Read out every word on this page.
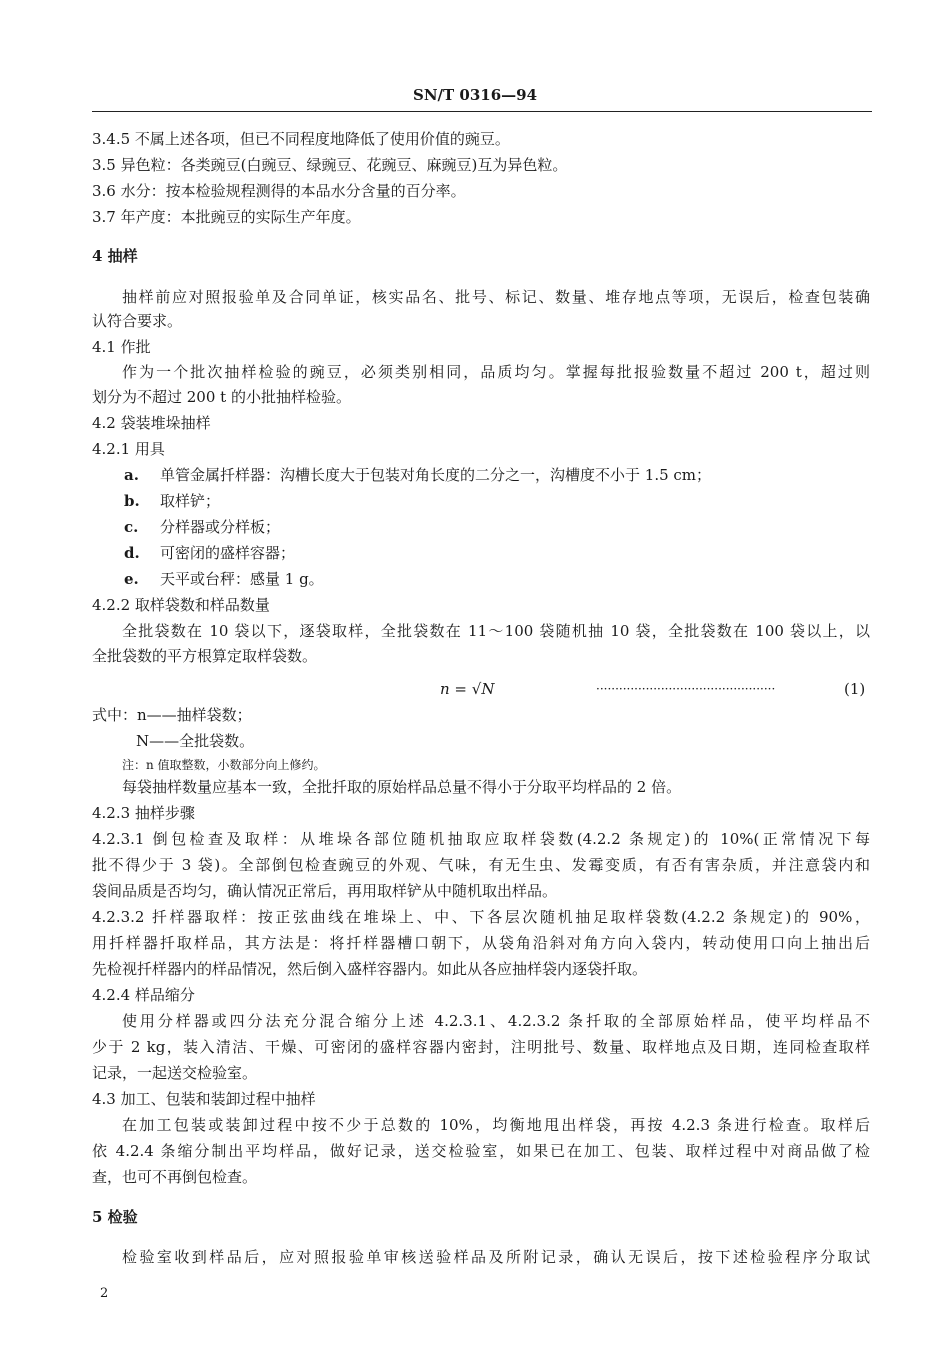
SN/T 0316—94
3.4.5 不属上述各项，但已不同程度地降低了使用价值的豌豆。
3.5 异色粒：各类豌豆(白豌豆、绿豌豆、花豌豆、麻豌豆)互为异色粒。
3.6 水分：按本检验规程测得的本品水分含量的百分率。
3.7 年产度：本批豌豆的实际生产年度。
4 抽样
抽样前应对照报验单及合同单证，核实品名、批号、标记、数量、堆存地点等项，无误后，检查包装确
认符合要求。
4.1 作批
作为一个批次抽样检验的豌豆，必须类别相同，品质均匀。掌握每批报验数量不超过 200 t，超过则
划分为不超过 200 t 的小批抽样检验。
4.2 袋装堆垛抽样
4.2.1 用具
a. 单管金属扦样器：沟槽长度大于包装对角长度的二分之一，沟槽度不小于 1.5 cm；
b. 取样铲；
c. 分样器或分样板；
d. 可密闭的盛样容器；
e. 天平或台秤：感量 1 g。
4.2.2 取样袋数和样品数量
全批袋数在 10 袋以下，逐袋取样，全批袋数在 11～100 袋随机抽 10 袋，全批袋数在 100 袋以上，以
全批袋数的平方根算定取样袋数。
n = √N	···············································	(1)
式中：n——抽样袋数；
N——全批袋数。
注：n 值取整数，小数部分向上修约。
每袋抽样数量应基本一致，全批扦取的原始样品总量不得小于分取平均样品的 2 倍。
4.2.3 抽样步骤
4.2.3.1 倒包检查及取样：从堆垛各部位随机抽取应取样袋数(4.2.2 条规定)的 10%(正常情况下每
批不得少于 3 袋)。全部倒包检查豌豆的外观、气味，有无生虫、发霉变质，有否有害杂质，并注意袋内和
袋间品质是否均匀，确认情况正常后，再用取样铲从中随机取出样品。
4.2.3.2 扦样器取样：按正弦曲线在堆垛上、中、下各层次随机抽足取样袋数(4.2.2 条规定)的 90%，
用扦样器扦取样品，其方法是：将扦样器槽口朝下，从袋角沿斜对角方向入袋内，转动使用口向上抽出后
先检视扦样器内的样品情况，然后倒入盛样容器内。如此从各应抽样袋内逐袋扦取。
4.2.4 样品缩分
使用分样器或四分法充分混合缩分上述 4.2.3.1、4.2.3.2 条扦取的全部原始样品，使平均样品不
少于 2 kg，装入清洁、干燥、可密闭的盛样容器内密封，注明批号、数量、取样地点及日期，连同检查取样
记录，一起送交检验室。
4.3 加工、包装和装卸过程中抽样
在加工包装或装卸过程中按不少于总数的 10%，均衡地甩出样袋，再按 4.2.3 条进行检查。取样后
依 4.2.4 条缩分制出平均样品，做好记录，送交检验室，如果已在加工、包装、取样过程中对商品做了检
查，也可不再倒包检查。
5 检验
检验室收到样品后，应对照报验单审核送验样品及所附记录，确认无误后，按下述检验程序分取试
2
